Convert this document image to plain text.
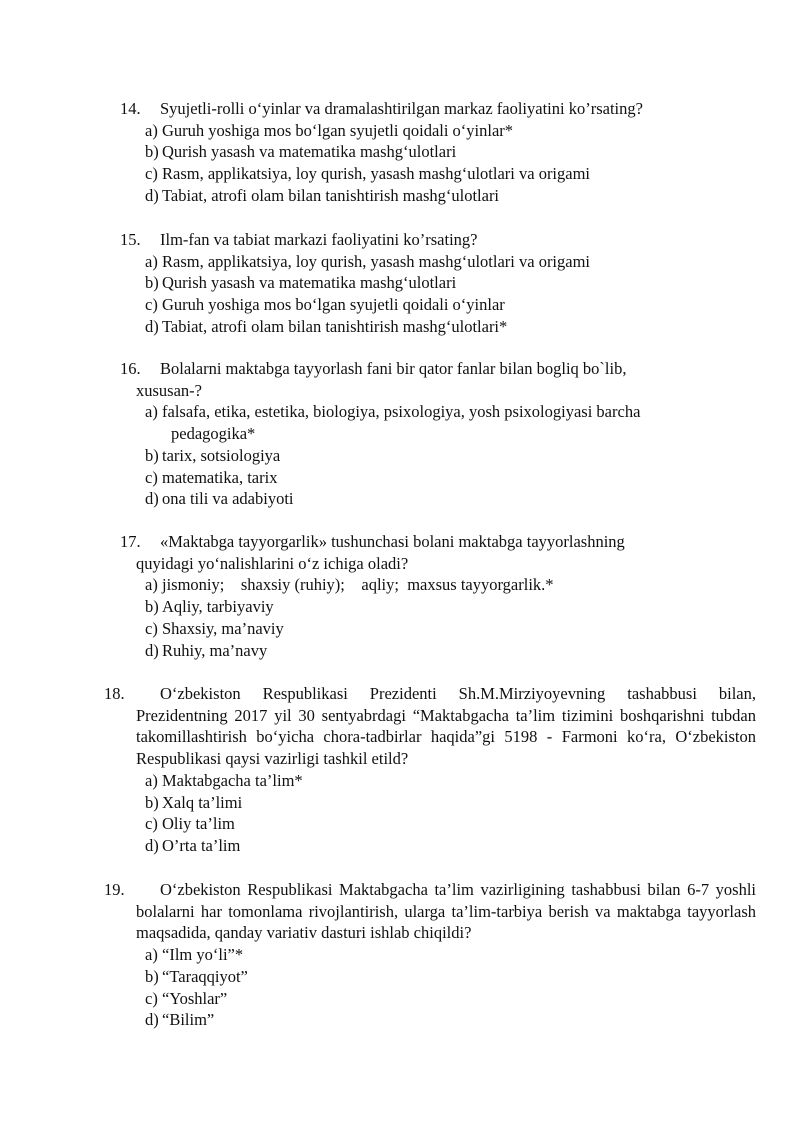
14. Syujetli-rolli o‘yinlar va dramalashtirilgan markaz faoliyatini ko’rsating?
a) Guruh yoshiga mos bo‘lgan syujetli qoidali o‘yinlar*
b) Qurish yasash va matematika mashg‘ulotlari
c) Rasm, applikatsiya, loy qurish, yasash mashg‘ulotlari va origami
d) Tabiat, atrofi olam bilan tanishtirish mashg‘ulotlari
15. Ilm-fan va tabiat markazi faoliyatini ko’rsating?
a) Rasm, applikatsiya, loy qurish, yasash mashg‘ulotlari va origami
b) Qurish yasash va matematika mashg‘ulotlari
c) Guruh yoshiga mos bo‘lgan syujetli qoidali o‘yinlar
d) Tabiat, atrofi olam bilan tanishtirish mashg‘ulotlari*
16. Bolalarni maktabga tayyorlash fani bir qator fanlar bilan bogliq bo`lib,
xususan-?
a) falsafa, etika, estetika, biologiya, psixologiya, yosh psixologiyasi barcha
pedagogika*
b) tarix, sotsiologiya
c) matematika, tarix
d) ona tili va adabiyoti
17. «Maktabga tayyorgarlik» tushunchasi bolani maktabga tayyorlashning
quyidagi yo‘nalishlarini o‘z ichiga oladi?
a) jismoniy;    shaxsiy (ruhiy);    aqliy;  maxsus tayyorgarlik.*
b) Aqliy, tarbiyaviy
c) Shaxsiy, ma’naviy
d) Ruhiy, ma’navy
18. O‘zbekiston Respublikasi Prezidenti Sh.M.Mirziyoyevning tashabbusi bilan, Prezidentning 2017 yil 30 sentyabrdagi “Maktabgacha ta’lim tizimini boshqarishni tubdan takomillashtirish bo‘yicha chora-tadbirlar haqida”gi 5198 - Farmoni ko‘ra, O‘zbekiston Respublikasi qaysi vazirligi tashkil etild?
a) Maktabgacha ta’lim*
b) Xalq ta’limi
c) Oliy ta’lim
d) O’rta ta’lim
19. O‘zbekiston Respublikasi Maktabgacha ta’lim vazirligining tashabbusi bilan 6-7 yoshli bolalarni har tomonlama rivojlantirish, ularga ta’lim-tarbiya berish va maktabga tayyorlash maqsadida, qanday variativ dasturi ishlab chiqildi?
a) “Ilm yo‘li”*
b) “Taraqqiyot”
c) “Yoshlar”
d) “Bilim”
